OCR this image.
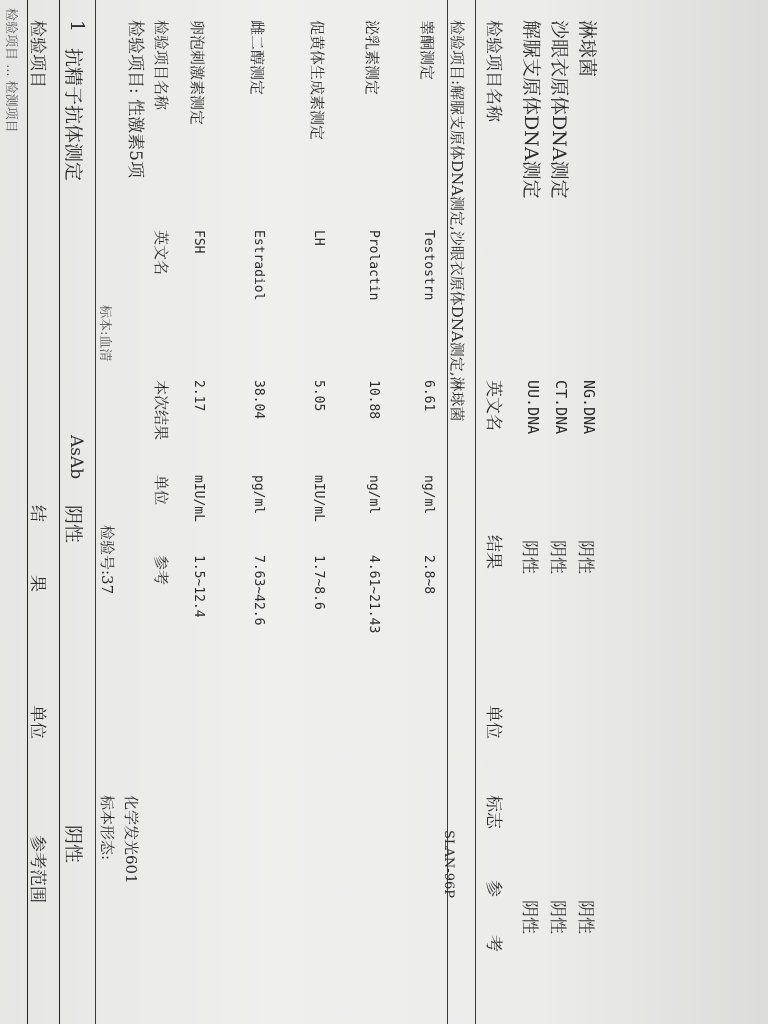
检验项目 ... 检测项目 检验项目
结
果
单位
参考范围
1
抗精子抗体测定
AsAb
阴性
阴性
标本:血清
检验号:37
标本形态: 化学发光601
检验项目: 性激素5项 检验项目名称
英文名
本次结果
单位
参考
卵泡刺激素测定
FSH
2.17
mIU/mL
1.5~12.4
雌二醇测定
Estradiol
38.04
pg/ml
7.63~42.6
促黄体生成素测定
LH
5.05
mIU/mL
1.7~8.6
泌乳素测定
Prolactin
10.88
ng/ml
4.61~21.43
睾酮测定
Testostrn
6.61
ng/ml
2.8~8
检验项目:解脲支原体DNA测定,沙眼衣原体DNA测定,淋球菌
SLAN-96P
检验项目名称
英文名
结果
单位
标志
参
考
解脲支原体DNA测定
UU.DNA
阴性
阴性
沙眼衣原体DNA测定
CT.DNA
阴性
阴性
淋球菌
NG.DNA
阴性
阴性
